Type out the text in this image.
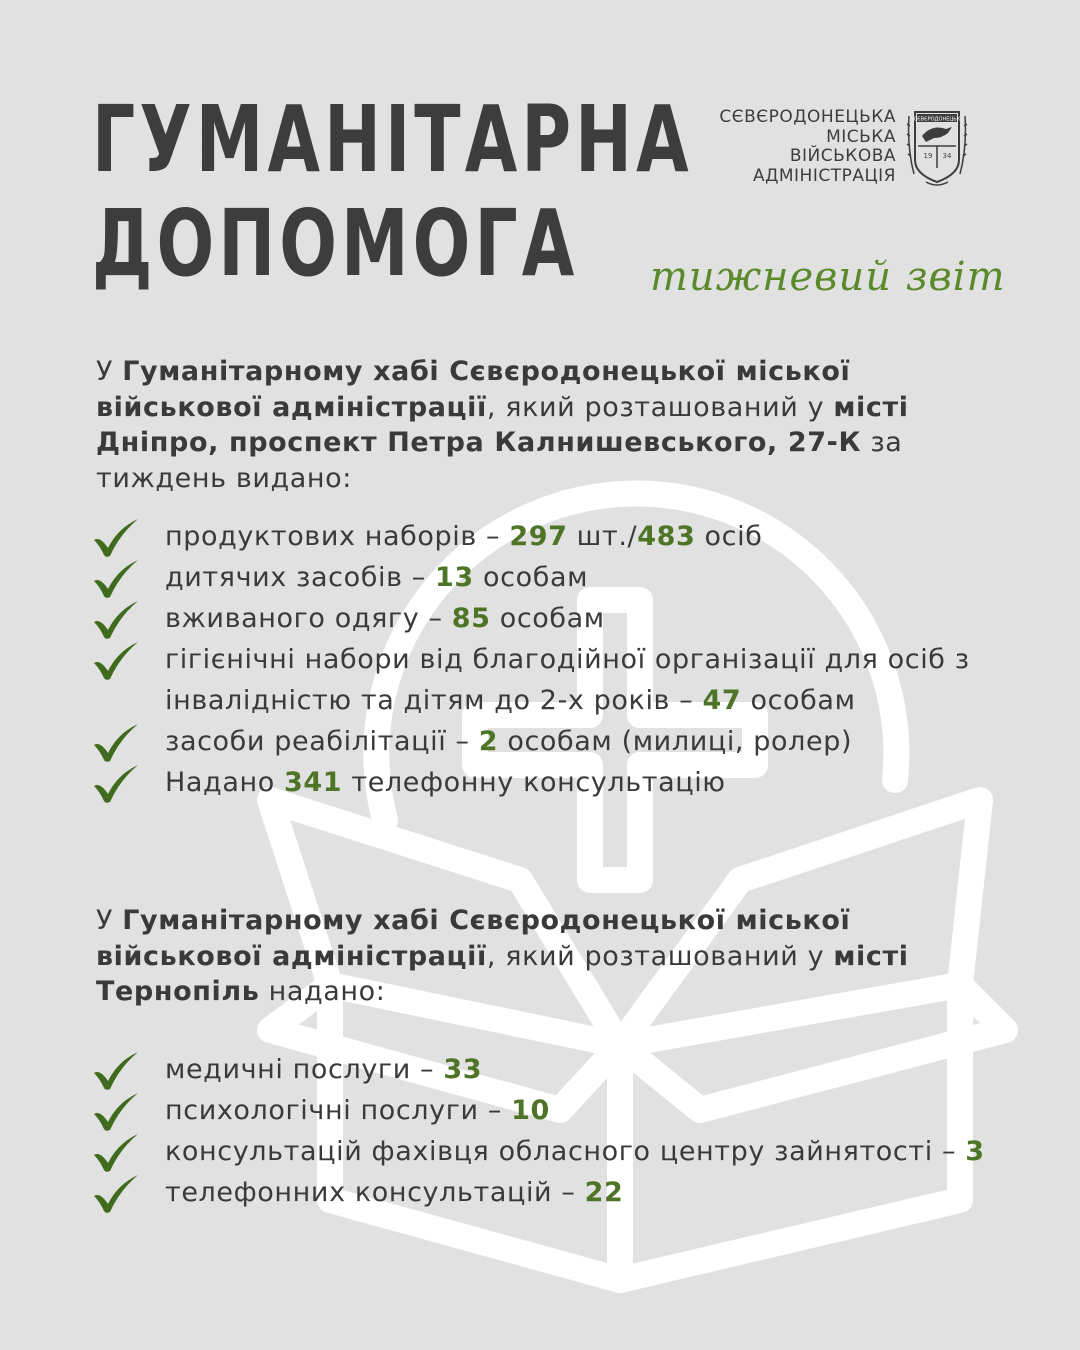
ГУМАНІТАРНА
ДОПОМОГА
СЄВЄРОДОНЕЦЬКА
МІСЬКА
ВІЙСЬКОВА
АДМІНІСТРАЦІЯ
СЄВЄРОДОНЕЦЬК
19 34
тижневий звіт

У Гуманітарному хабі Сєвєродонецької міської військової адміністрації, який розташований у місті Дніпро, проспект Петра Калнишевського, 27-К за тиждень видано:

продуктових наборів – 297 шт./483 осіб
дитячих засобів – 13 особам
вживаного одягу – 85 особам
гігієнічні набори від благодійної організації для осіб з інвалідністю та дітям до 2-х років – 47 особам
засоби реабілітації – 2 особам (милиці, ролер)
Надано 341 телефонну консультацію

У Гуманітарному хабі Сєвєродонецької міської військової адміністрації, який розташований у місті Тернопіль надано:

медичні послуги – 33
психологічні послуги – 10
консультацій фахівця обласного центру зайнятості – 3
телефонних консультацій – 22
